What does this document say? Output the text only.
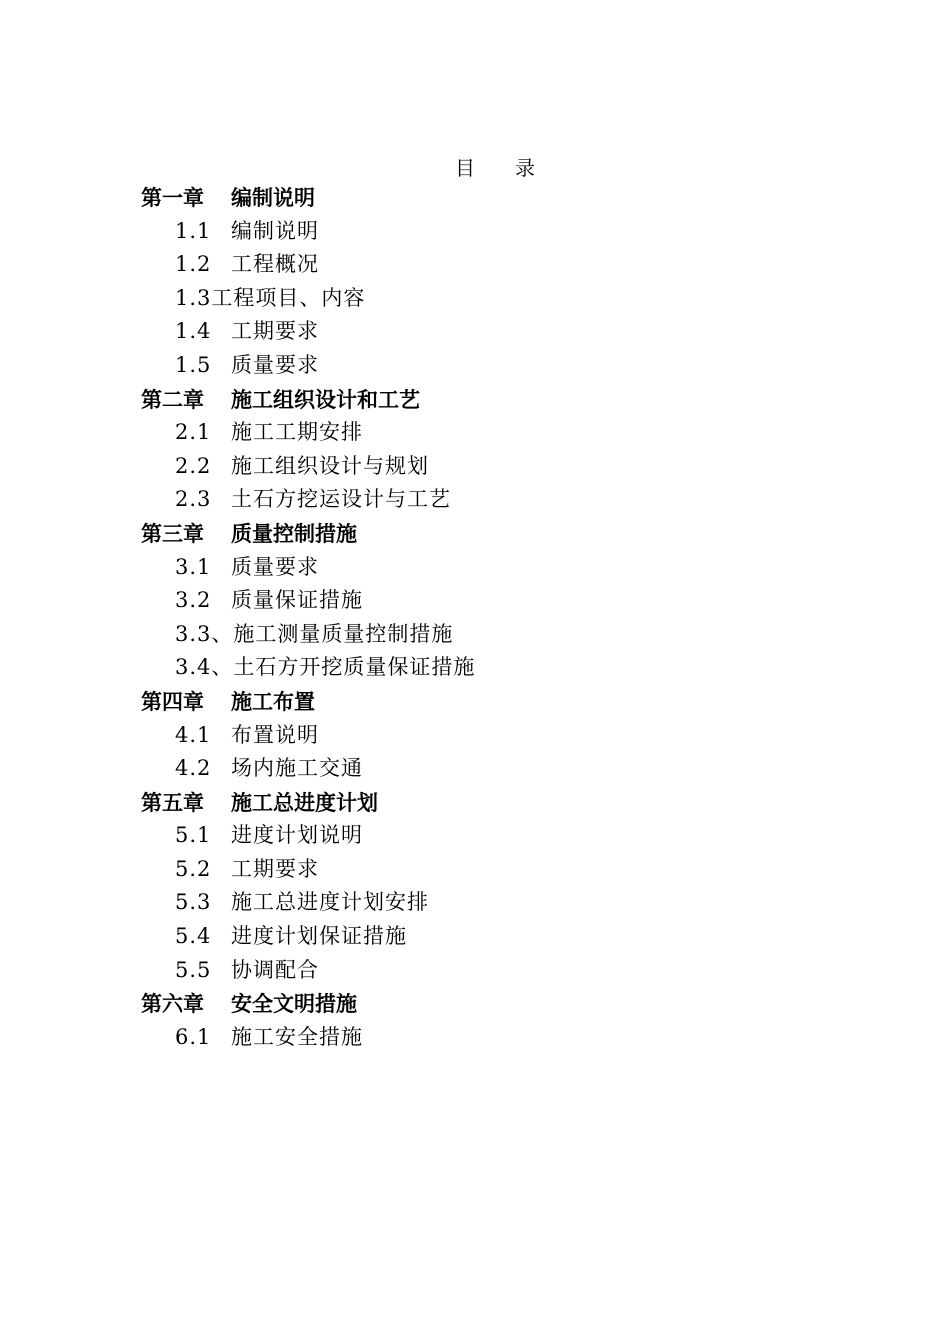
目 录
第一章 编制说明
1.1 编制说明
1.2 工程概况
1.3工程项目、内容
1.4 工期要求
1.5 质量要求
第二章 施工组织设计和工艺
2.1 施工工期安排
2.2 施工组织设计与规划
2.3 土石方挖运设计与工艺
第三章 质量控制措施
3.1 质量要求
3.2 质量保证措施
3.3、施工测量质量控制措施
3.4、土石方开挖质量保证措施
第四章 施工布置
4.1 布置说明
4.2 场内施工交通
第五章 施工总进度计划
5.1 进度计划说明
5.2 工期要求
5.3 施工总进度计划安排
5.4 进度计划保证措施
5.5 协调配合
第六章 安全文明措施
6.1 施工安全措施
